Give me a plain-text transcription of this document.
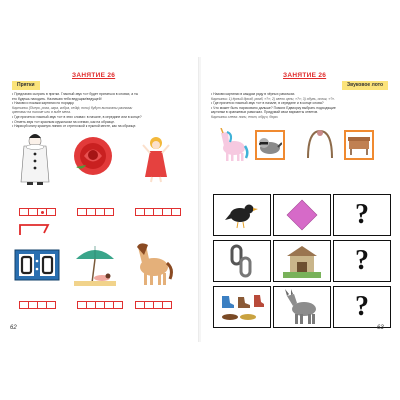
ЗАНЯТИЕ 26
Прятки
• Предлагаю сыграть в прятки. Гласный звук «о» будет прятаться в словах, а ты
его будешь находить. Назначаю тебя ведущим/ведущей!
• Назови и покажи картинки по порядку.
Картинки (Пьеро, роза, игра, кобра, сейф, пони) будут выписаны разными
цветами на письме или в виде мела.
• Где прячется гласный звук «о» в этих словах: в начале, в середине или в конце?
• Отметь звук «о» красным кружочком на схемах, как на образце.
• Нарисуй книгу красную линию от стрелочкой к нужной месте, как на образце.
62
ЗАНЯТИЕ 26
Звуковое лото
• Назови картинки в каждом ряду в чёрных рамочках.
Картинки: 1) ёрный дрозд, ромб, «?»; 2) звено цепи, «?»; 3) обувь, ослик, «?».
• Где прячется гласный звук «о» в начале, в середине и в конце слова?
• Что может быть нарисовано дальше? Помоги Едвиорку выбрать подходящие
картинки в оранжевых рамочках. Придумай свои варианты ответов.
Картинки слева: пони, енот, обруч, бюро.
?
?
?
63
